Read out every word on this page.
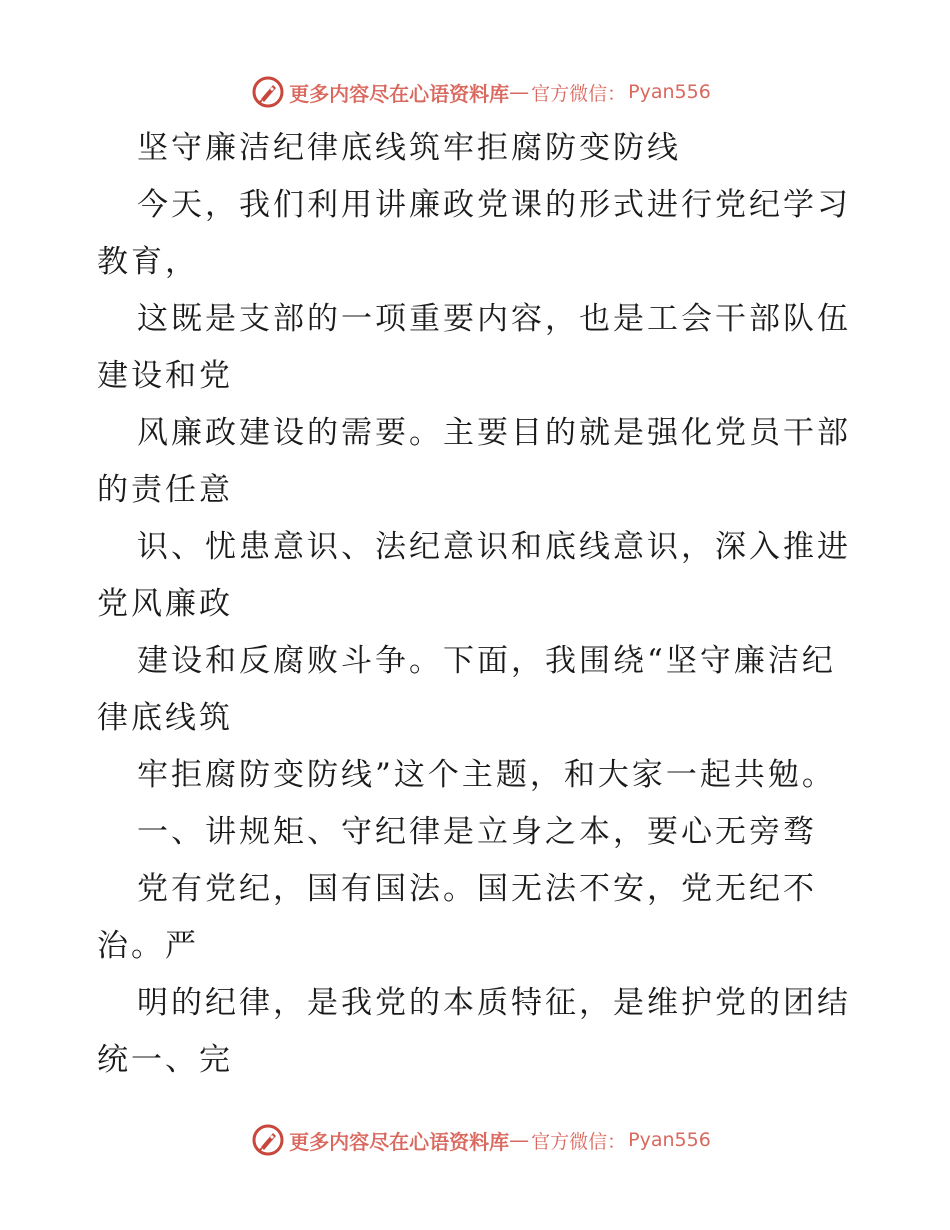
更多内容尽在心语资料库 — 官方微信： Pyan556
坚守廉洁纪律底线筑牢拒腐防变防线
今天，我们利用讲廉政党课的形式进行党纪学习
教育，
这既是支部的一项重要内容，也是工会干部队伍
建设和党
风廉政建设的需要。主要目的就是强化党员干部
的责任意
识、忧患意识、法纪意识和底线意识，深入推进
党风廉政
建设和反腐败斗争。下面，我围绕“坚守廉洁纪
律底线筑
牢拒腐防变防线”这个主题，和大家一起共勉。
一、讲规矩、守纪律是立身之本，要心无旁骛
党有党纪，国有国法。国无法不安，党无纪不
治。严
明的纪律，是我党的本质特征，是维护党的团结
统一、完
更多内容尽在心语资料库 — 官方微信： Pyan556
